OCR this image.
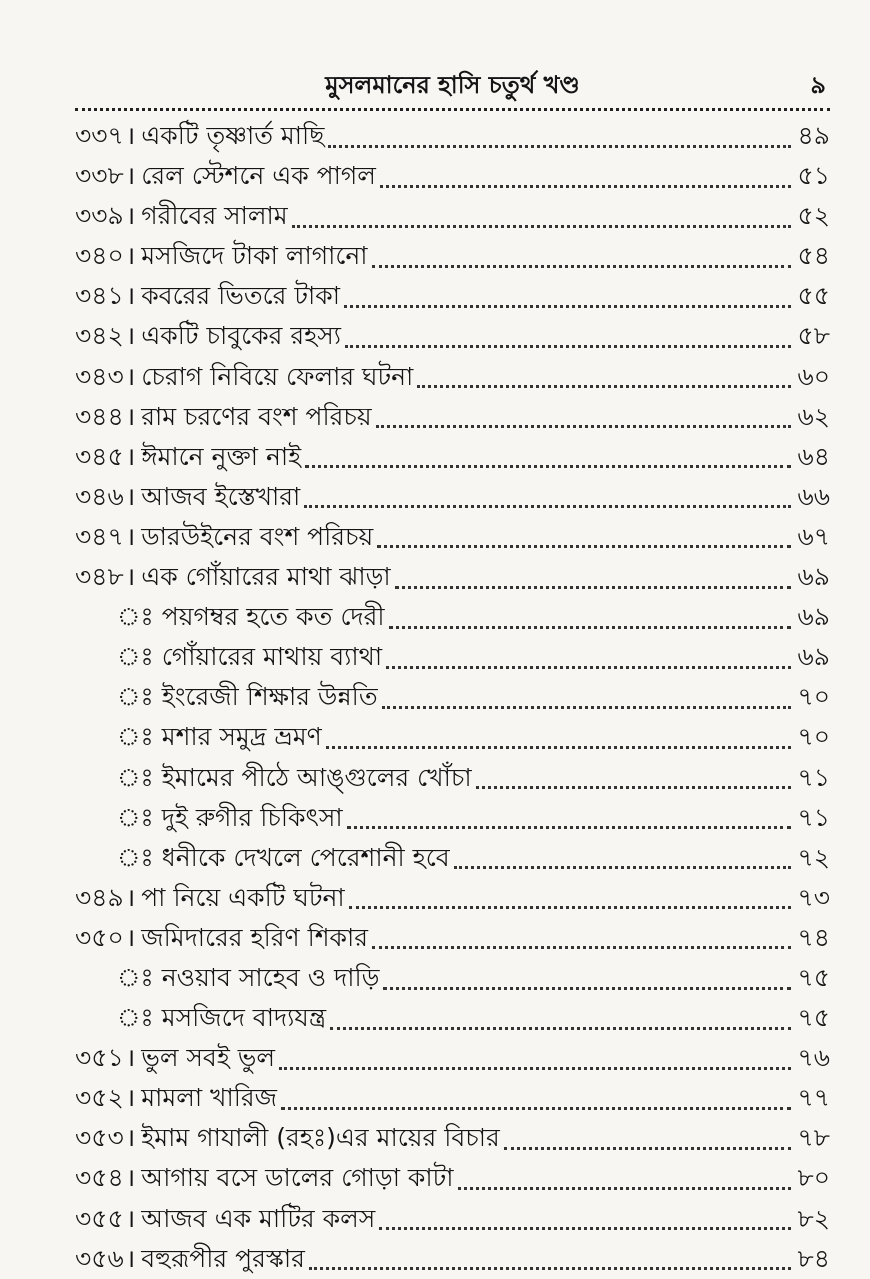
মুসলমানের হাসি চতুর্থ খণ্ড	৯
৩৩৭ । একটি তৃষ্ণার্ত মাছি	৪৯
৩৩৮ । রেল স্টেশনে এক পাগল	৫১
৩৩৯ । গরীবের সালাম	৫২
৩৪০ । মসজিদে টাকা লাগানো	৫৪
৩৪১ । কবরের ভিতরে টাকা	৫৫
৩৪২ । একটি চাবুকের রহস্য	৫৮
৩৪৩ । চেরাগ নিবিয়ে ফেলার ঘটনা	৬০
৩৪৪ । রাম চরণের বংশ পরিচয়	৬২
৩৪৫ । ঈমানে নুক্তা নাই	৬৪
৩৪৬ । আজব ইস্তেখারা	৬৬
৩৪৭ । ডারউইনের বংশ পরিচয়	৬৭
৩৪৮ । এক গোঁয়ারের মাথা ঝাড়া	৬৯
ঃ পয়গম্বর হতে কত দেরী	৬৯
ঃ গোঁয়ারের মাথায় ব্যাথা	৬৯
ঃ ইংরেজী শিক্ষার উন্নতি	৭০
ঃ মশার সমুদ্র ভ্রমণ	৭০
ঃ ইমামের পীঠে আঙ্গুলের খোঁচা	৭১
ঃ দুই রুগীর চিকিৎসা	৭১
ঃ ধনীকে দেখলে পেরেশানী হবে	৭২
৩৪৯ । পা নিয়ে একটি ঘটনা	৭৩
৩৫০ । জমিদারের হরিণ শিকার	৭৪
ঃ নওয়াব সাহেব ও দাড়ি	৭৫
ঃ মসজিদে বাদ্যযন্ত্র	৭৫
৩৫১ । ভুল সবই ভুল	৭৬
৩৫২ । মামলা খারিজ	৭৭
৩৫৩ । ইমাম গাযালী (রহঃ)এর মায়ের বিচার	৭৮
৩৫৪ । আগায় বসে ডালের গোড়া কাটা	৮০
৩৫৫ । আজব এক মাটির কলস	৮২
৩৫৬ । বহুরূপীর পুরস্কার	৮৪
